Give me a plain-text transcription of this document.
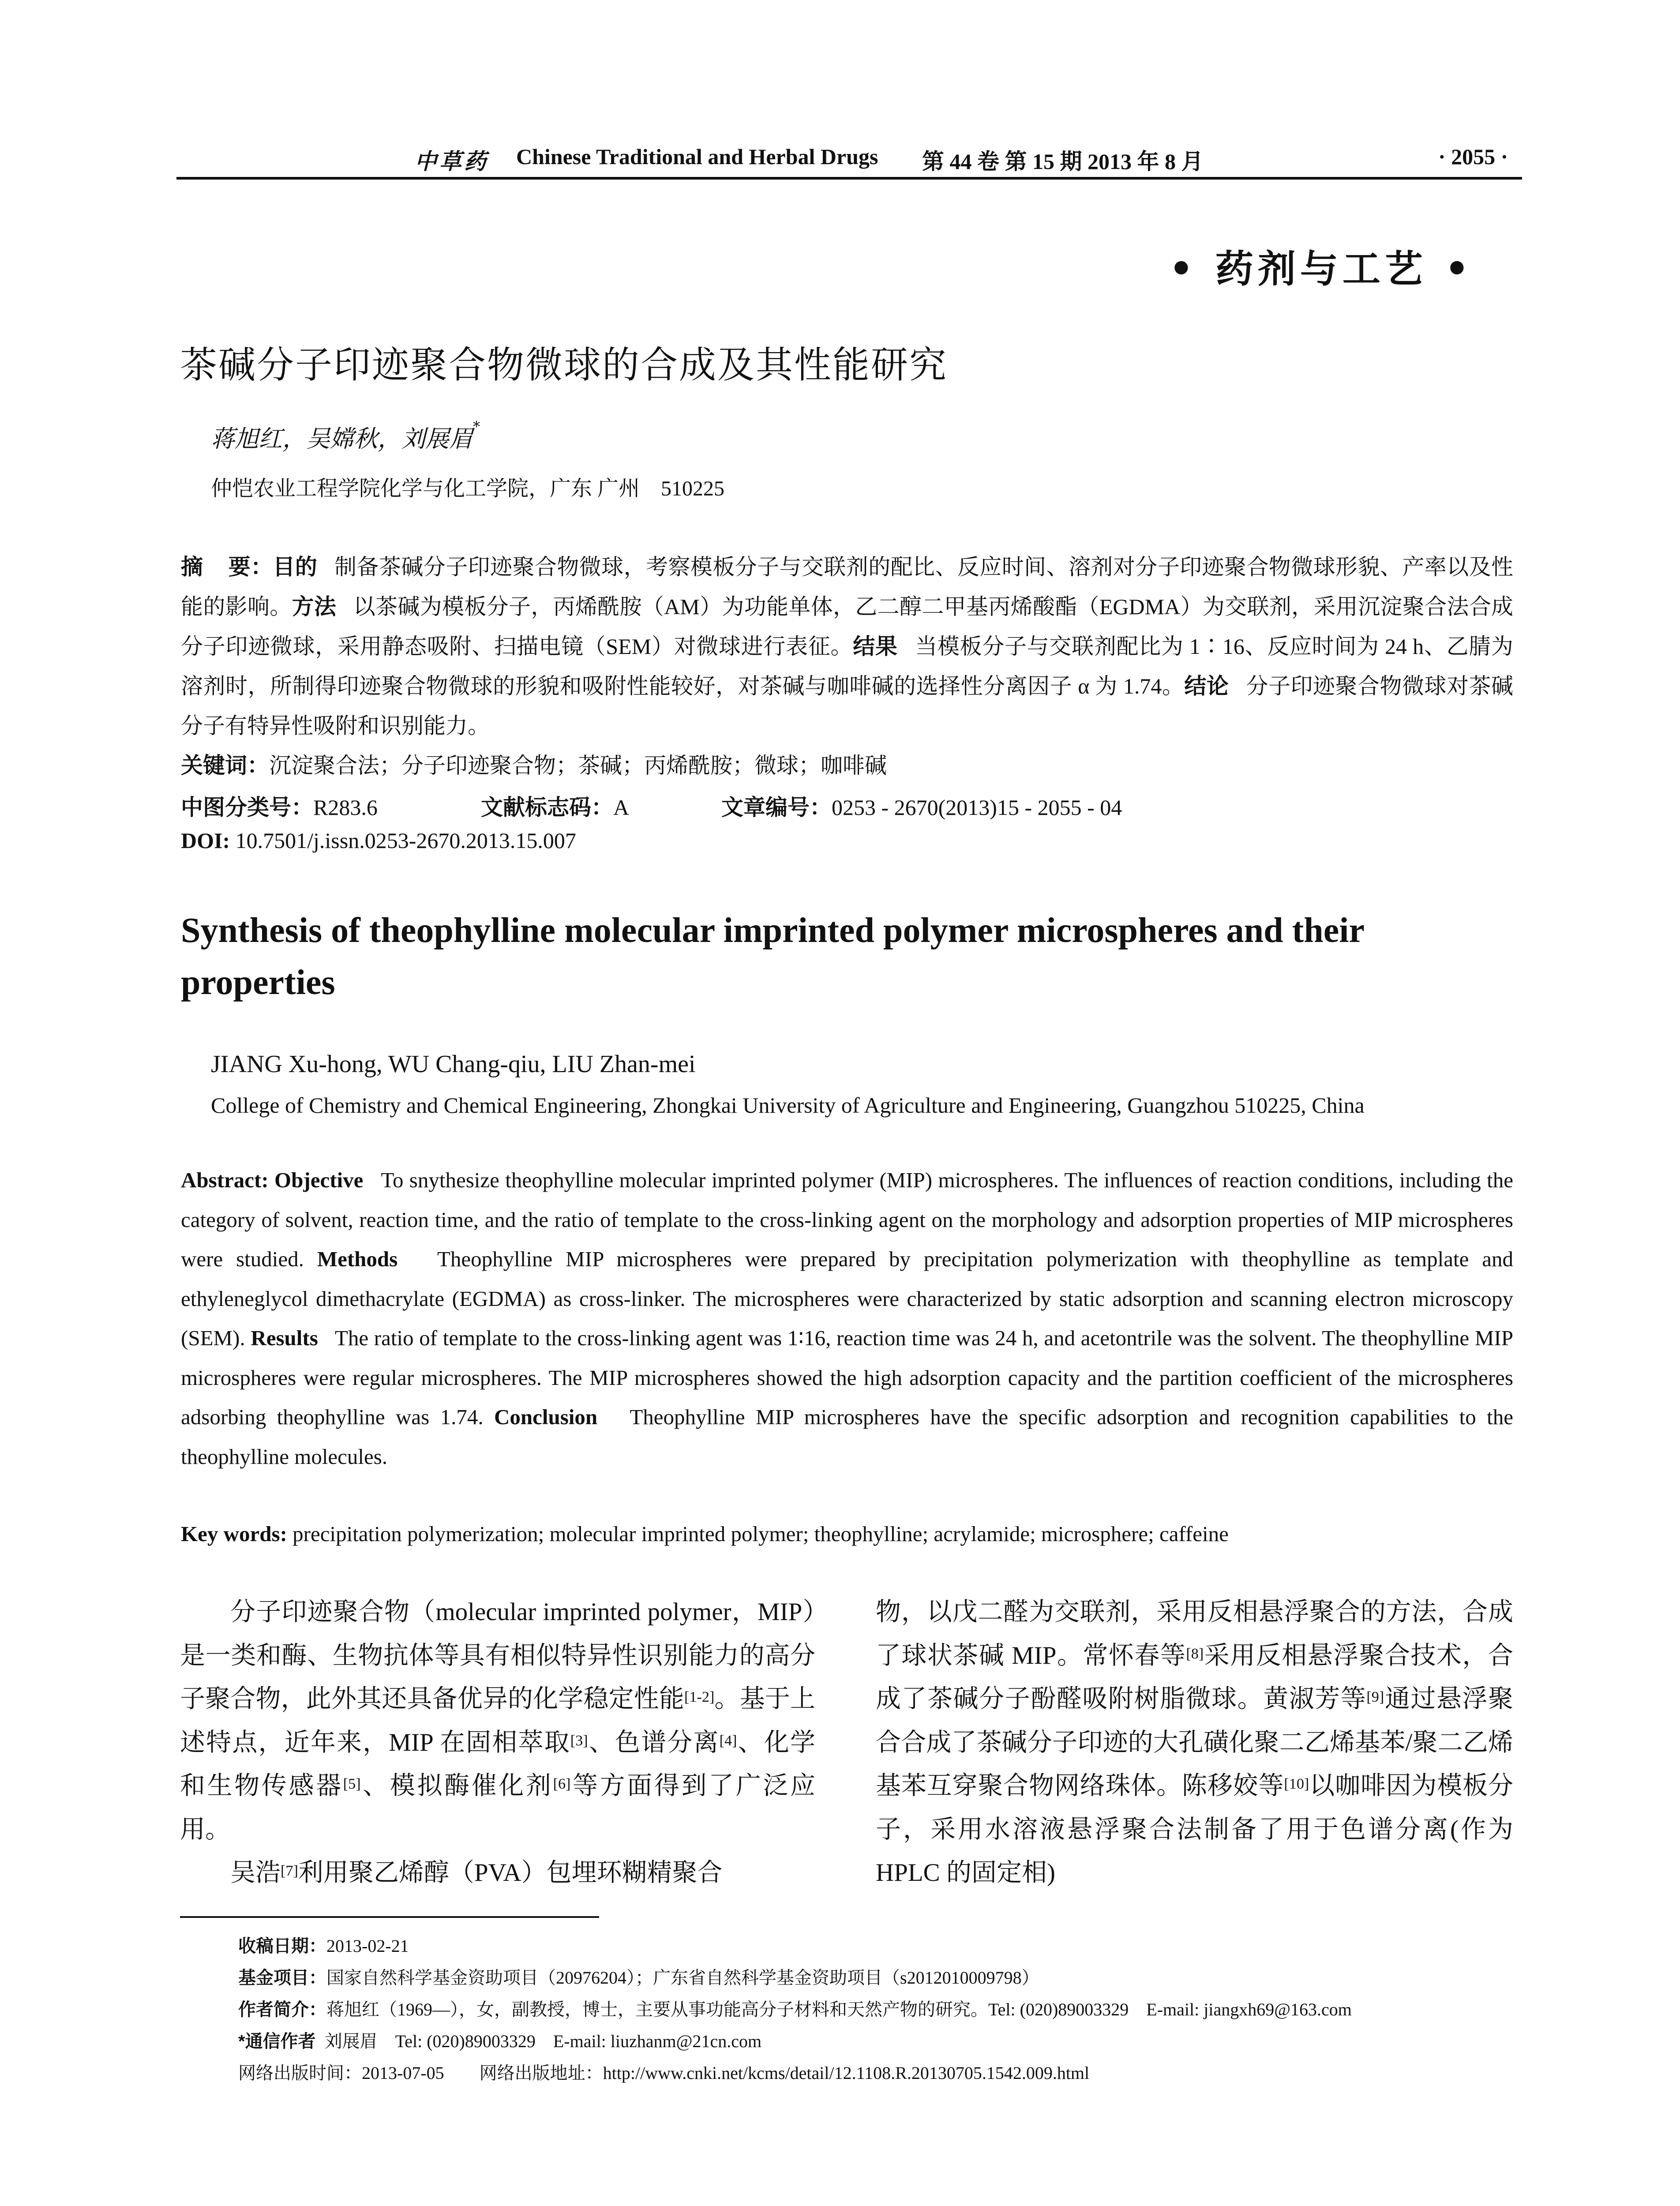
中草药 Chinese Traditional and Herbal Drugs 第 44 卷 第 15 期 2013 年 8 月	· 2055 ·
• 药剂与工艺 •
茶碱分子印迹聚合物微球的合成及其性能研究
蒋旭红，吴嫦秋，刘展眉*
仲恺农业工程学院化学与化工学院，广东 广州    510225
摘    要：目的 制备茶碱分子印迹聚合物微球，考察模板分子与交联剂的配比、反应时间、溶剂对分子印迹聚合物微球形貌、产率以及性能的影响。方法 以茶碱为模板分子，丙烯酰胺（AM）为功能单体，乙二醇二甲基丙烯酸酯（EGDMA）为交联剂，采用沉淀聚合法合成分子印迹微球，采用静态吸附、扫描电镜（SEM）对微球进行表征。结果 当模板分子与交联剂配比为 1∶16、反应时间为 24 h、乙腈为溶剂时，所制得印迹聚合物微球的形貌和吸附性能较好，对茶碱与咖啡碱的选择性分离因子 α 为 1.74。结论 分子印迹聚合物微球对茶碱分子有特异性吸附和识别能力。
关键词：沉淀聚合法；分子印迹聚合物；茶碱；丙烯酰胺；微球；咖啡碱
中图分类号：R283.6	文献标志码：A	文章编号：0253 - 2670(2013)15 - 2055 - 04
DOI: 10.7501/j.issn.0253-2670.2013.15.007
Synthesis of theophylline molecular imprinted polymer microspheres and their properties
JIANG Xu-hong, WU Chang-qiu, LIU Zhan-mei
College of Chemistry and Chemical Engineering, Zhongkai University of Agriculture and Engineering, Guangzhou 510225, China
Abstract: Objective To snythesize theophylline molecular imprinted polymer (MIP) microspheres. The influences of reaction conditions, including the category of solvent, reaction time, and the ratio of template to the cross-linking agent on the morphology and adsorption properties of MIP microspheres were studied. Methods Theophylline MIP microspheres were prepared by precipitation polymerization with theophylline as template and ethyleneglycol dimethacrylate (EGDMA) as cross-linker. The microspheres were characterized by static adsorption and scanning electron microscopy (SEM). Results The ratio of template to the cross-linking agent was 1∶16, reaction time was 24 h, and acetontrile was the solvent. The theophylline MIP microspheres were regular microspheres. The MIP microspheres showed the high adsorption capacity and the partition coefficient of the microspheres adsorbing theophylline was 1.74. Conclusion Theophylline MIP microspheres have the specific adsorption and recognition capabilities to the theophylline molecules.
Key words: precipitation polymerization; molecular imprinted polymer; theophylline; acrylamide; microsphere; caffeine
分子印迹聚合物（molecular imprinted polymer，MIP）是一类和酶、生物抗体等具有相似特异性识别能力的高分子聚合物，此外其还具备优异的化学稳定性能[1-2]。基于上述特点，近年来，MIP 在固相萃取[3]、色谱分离[4]、化学和生物传感器[5]、模拟酶催化剂[6]等方面得到了广泛应用。
吴浩[7]利用聚乙烯醇（PVA）包埋环糊精聚合
物，以戊二醛为交联剂，采用反相悬浮聚合的方法，合成了球状茶碱 MIP。常怀春等[8]采用反相悬浮聚合技术，合成了茶碱分子酚醛吸附树脂微球。黄淑芳等[9]通过悬浮聚合合成了茶碱分子印迹的大孔磺化聚二乙烯基苯/聚二乙烯基苯互穿聚合物网络珠体。陈移姣等[10]以咖啡因为模板分子，采用水溶液悬浮聚合法制备了用于色谱分离(作为 HPLC 的固定相)
收稿日期：2013-02-21
基金项目：国家自然科学基金资助项目（20976204）；广东省自然科学基金资助项目（s2012010009798）
作者简介：蒋旭红（1969—），女，副教授，博士，主要从事功能高分子材料和天然产物的研究。Tel: (020)89003329    E-mail: jiangxh69@163.com
*通信作者  刘展眉    Tel: (020)89003329    E-mail: liuzhanm@21cn.com
网络出版时间：2013-07-05 网络出版地址：http://www.cnki.net/kcms/detail/12.1108.R.20130705.1542.009.html
